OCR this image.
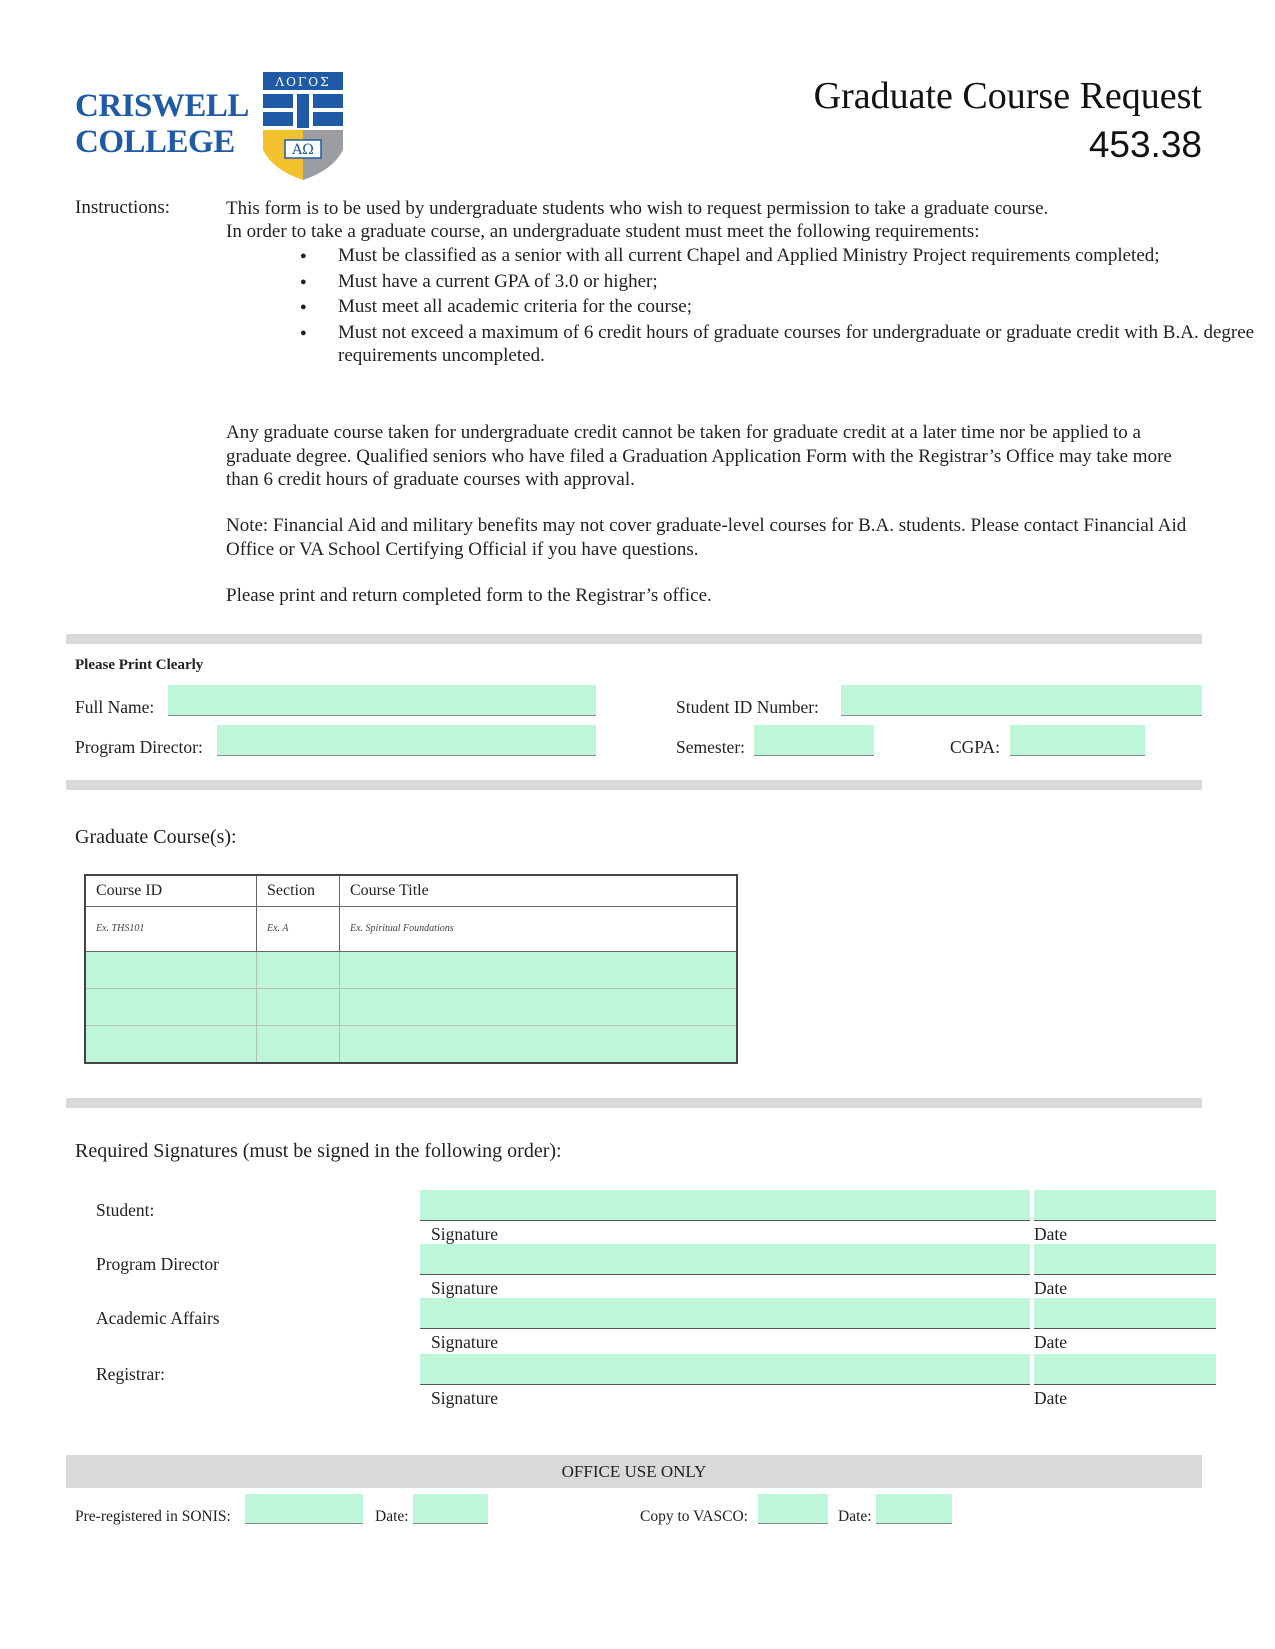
CRISWELL
COLLEGE
ΛΟΓΟΣ
ΑΩ
Graduate Course Request
453.38
Instructions:	This form is to be used by undergraduate students who wish to request permission to take a graduate course.
In order to take a graduate course, an undergraduate student must meet the following requirements:
● Must be classified as a senior with all current Chapel and Applied Ministry Project requirements completed;
● Must have a current GPA of 3.0 or higher;
● Must meet all academic criteria for the course;
● Must not exceed a maximum of 6 credit hours of graduate courses for undergraduate or graduate credit with B.A. degree requirements uncompleted.
Any graduate course taken for undergraduate credit cannot be taken for graduate credit at a later time nor be applied to a graduate degree. Qualified seniors who have filed a Graduation Application Form with the Registrar’s Office may take more than 6 credit hours of graduate courses with approval.
Note: Financial Aid and military benefits may not cover graduate-level courses for B.A. students. Please contact Financial Aid Office or VA School Certifying Official if you have questions.
Please print and return completed form to the Registrar’s office.
Please Print Clearly
Full Name:	Student ID Number:
Program Director:	Semester:	CGPA:
Graduate Course(s):
Course ID	Section	Course Title
Ex. THS101	Ex. A	Ex. Spiritual Foundations

Required Signatures (must be signed in the following order):
Student:
Signature	Date
Program Director
Signature	Date
Academic Affairs
Signature	Date
Registrar:
Signature	Date
OFFICE USE ONLY
Pre-registered in SONIS:	Date:	Copy to VASCO:	Date:
